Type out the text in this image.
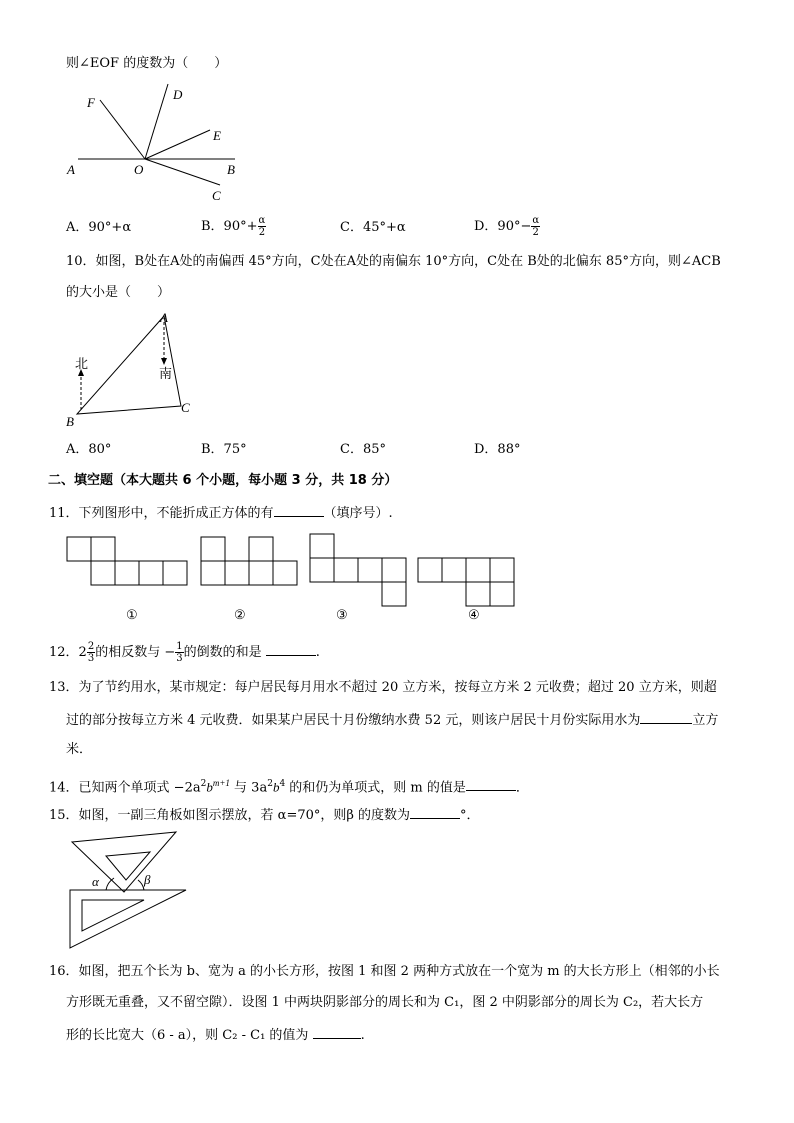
则∠EOF 的度数为（　　）
F
D
E
A	O	B
C
A．90°+α	B．$90^\circ+ \frac{\alpha}{2}$	C．45°+α	D．$90^\circ- \frac{\alpha}{2}$
10．如图，B处在A处的南偏西 45°方向，C处在A处的南偏东 10°方向，C处在 B处的北偏东 85°方向，则∠ACB
的大小是（　　）
北
南
A
B
C
A．80°	B．75°	C．85°	D．88°
二、填空题（本大题共 6 个小题，每小题 3 分，共 18 分）
11．下列图形中，不能折成正方体的有	（填序号）.
①	②	③	④
12．$2 \frac{2}{3}$ 的相反数与 − $\frac{1}{3}$ 的倒数的和是	.
13．为了节约用水，某市规定：每户居民每月用水不超过 20 立方米，按每立方米 2 元收费；超过 20 立方米，则超
过的部分按每立方米 4 元收费．如果某户居民十月份缴纳水费 52 元，则该户居民十月份实际用水为	立方
米．
14．已知两个单项式 $-2a^2b^{m+1}$ 与 $3a^2b^4$ 的和仍为单项式，则 m 的值是	．
15．如图，一副三角板如图示摆放，若 α=70°，则β 的度数为	°．
α	β
16．如图，把五个长为 b、宽为 a 的小长方形，按图 1 和图 2 两种方式放在一个宽为 m 的大长方形上（相邻的小长
方形既无重叠，又不留空隙）．设图 1 中两块阴影部分的周长和为 C₁，图 2 中阴影部分的周长为 C₂，若大长方
形的长比宽大（6 - a），则 C₂ - C₁ 的值为	.
